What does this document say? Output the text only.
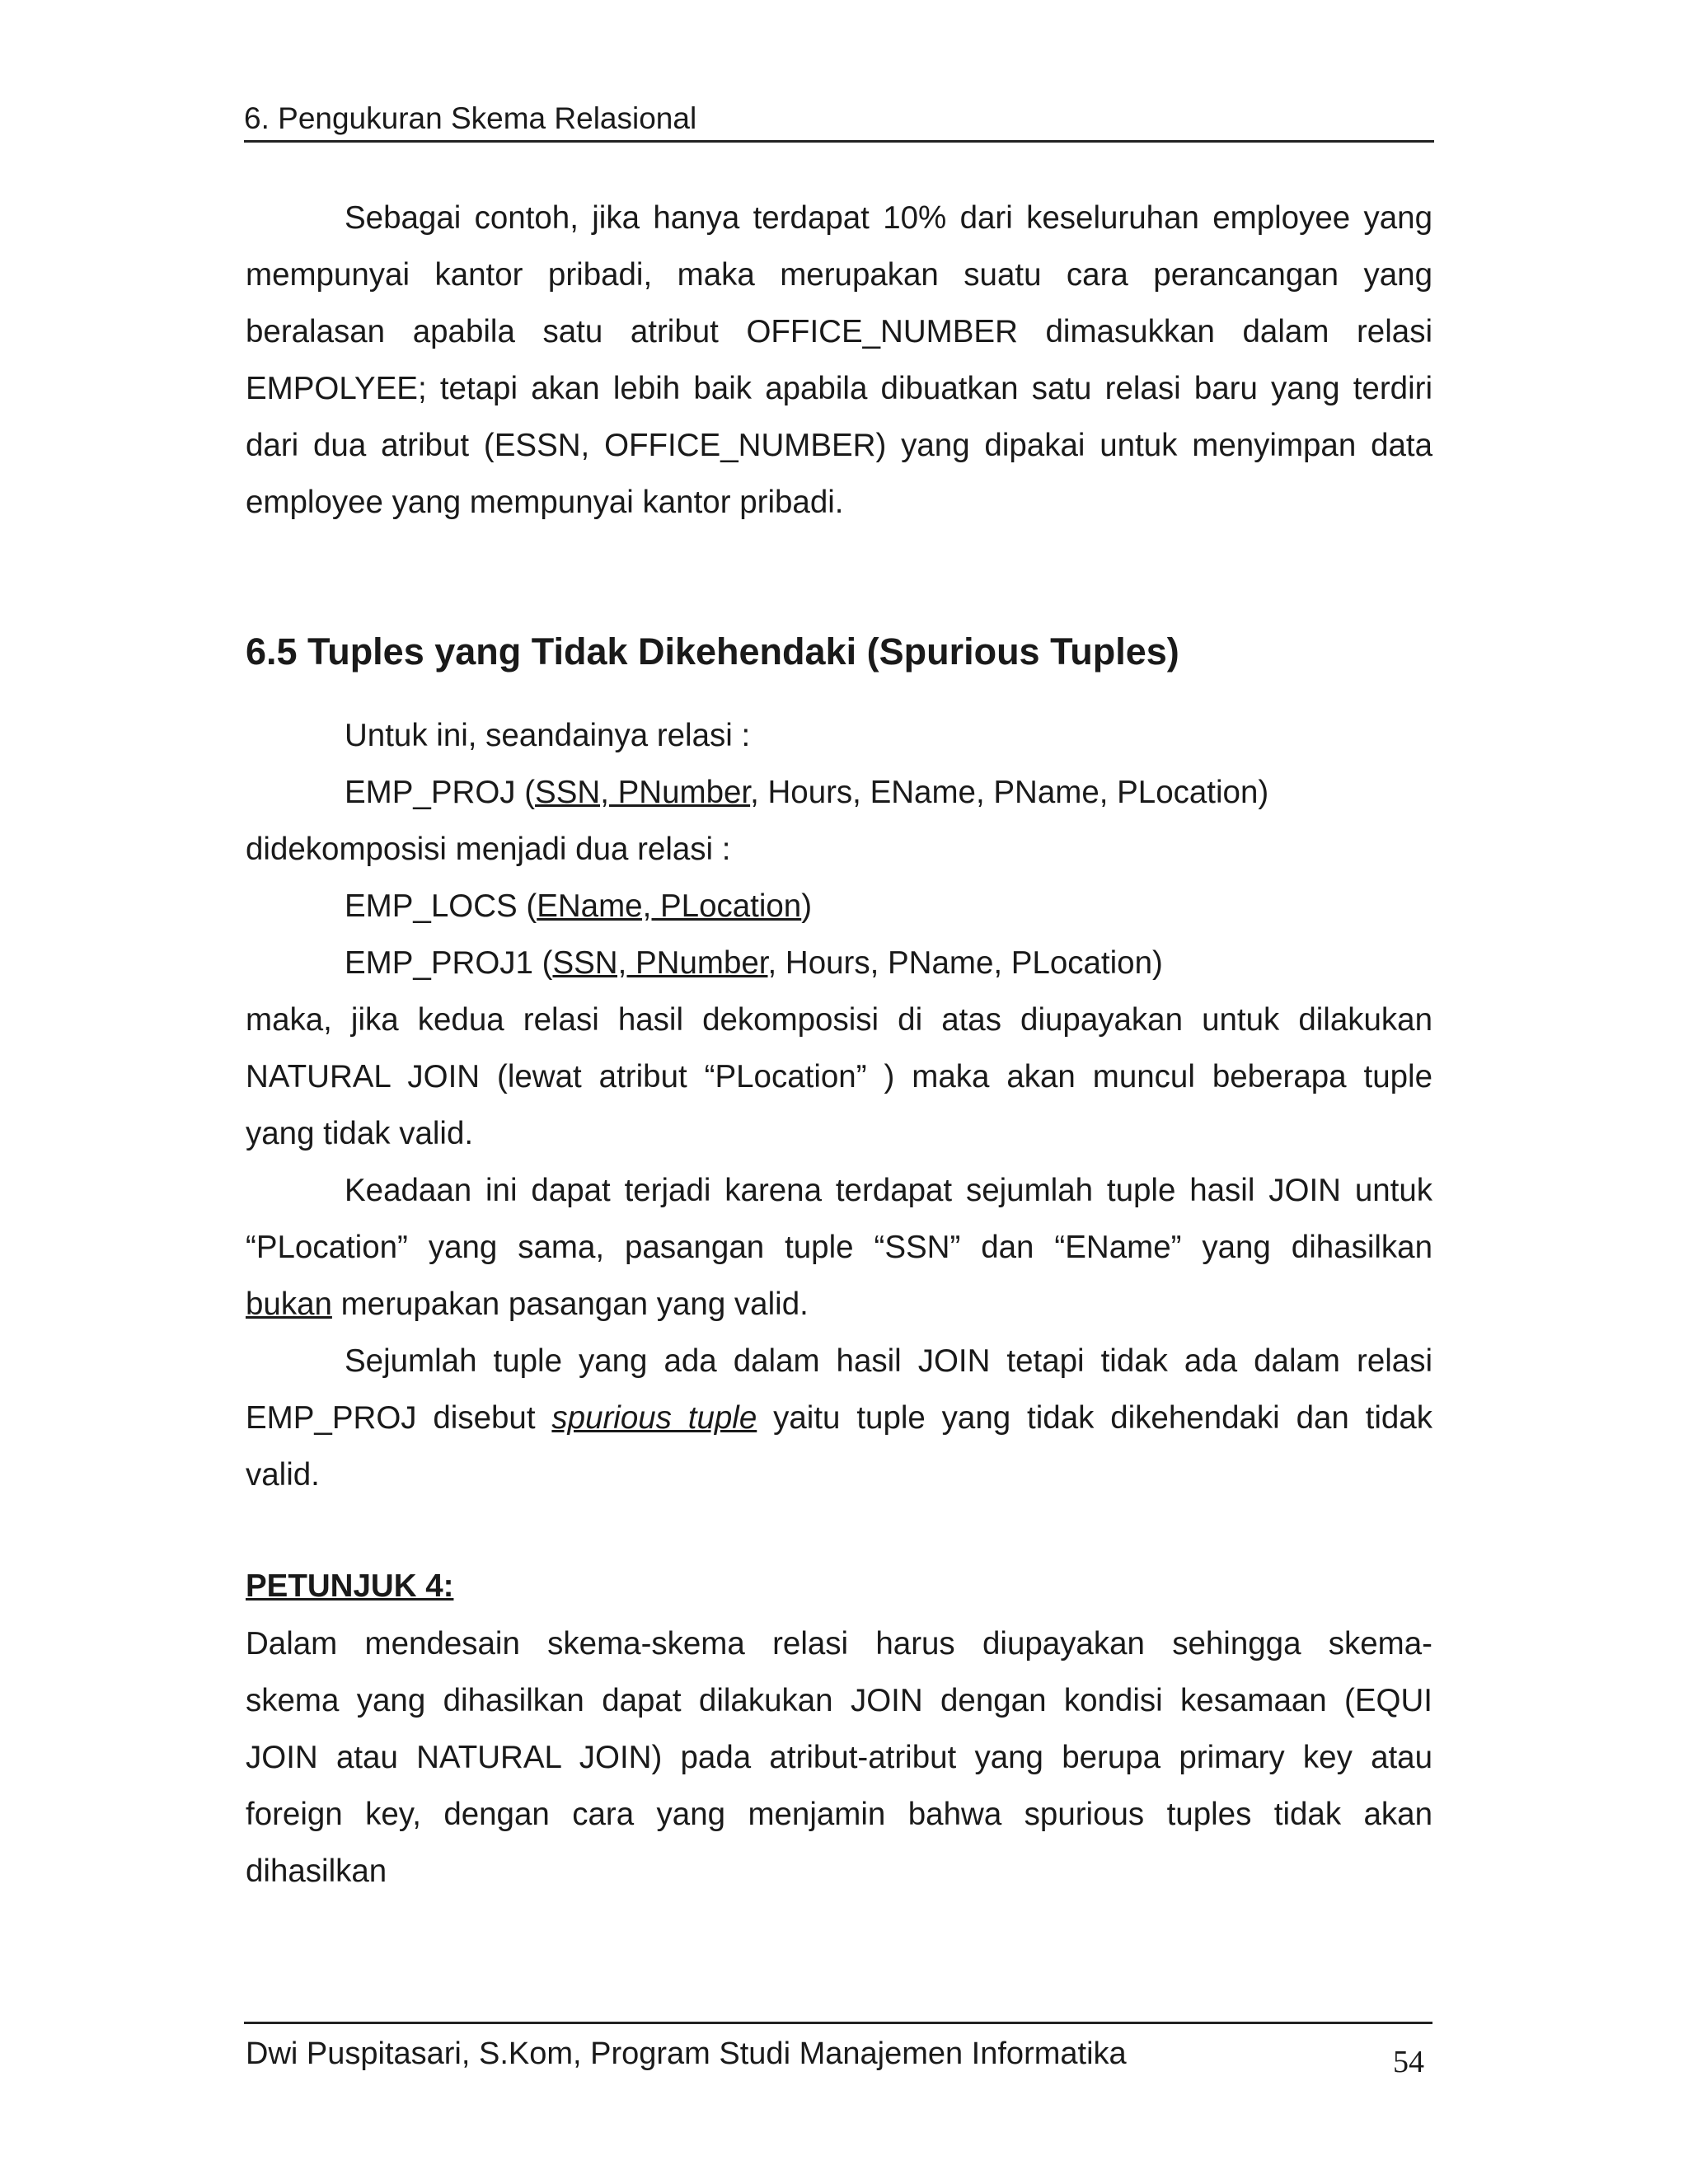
6. Pengukuran Skema Relasional
Sebagai contoh, jika hanya terdapat 10% dari keseluruhan employee yang
mempunyai kantor pribadi, maka merupakan suatu cara perancangan yang
beralasan apabila satu atribut OFFICE_NUMBER dimasukkan dalam relasi
EMPOLYEE; tetapi akan lebih baik apabila dibuatkan satu relasi baru yang terdiri
dari dua atribut (ESSN, OFFICE_NUMBER) yang dipakai untuk menyimpan data
employee yang mempunyai kantor pribadi.
6.5 Tuples yang Tidak Dikehendaki (Spurious Tuples)
Untuk ini, seandainya relasi :
EMP_PROJ (SSN, PNumber, Hours, EName, PName, PLocation)
didekomposisi menjadi dua relasi :
EMP_LOCS (EName, PLocation)
EMP_PROJ1 (SSN, PNumber, Hours, PName, PLocation)
maka, jika kedua relasi hasil dekomposisi di atas diupayakan untuk dilakukan
NATURAL JOIN (lewat atribut “PLocation” ) maka akan muncul beberapa tuple
yang tidak valid.
Keadaan ini dapat terjadi karena terdapat sejumlah tuple hasil JOIN untuk
“PLocation” yang sama, pasangan tuple “SSN” dan “EName” yang dihasilkan
bukan merupakan pasangan yang valid.
Sejumlah tuple yang ada dalam hasil JOIN tetapi tidak ada dalam relasi
EMP_PROJ disebut spurious tuple yaitu tuple yang tidak dikehendaki dan tidak
valid.
PETUNJUK 4:
Dalam mendesain skema-skema relasi harus diupayakan sehingga skema-
skema yang dihasilkan dapat dilakukan JOIN dengan kondisi kesamaan (EQUI
JOIN atau NATURAL JOIN) pada atribut-atribut yang berupa primary key atau
foreign key, dengan cara yang menjamin bahwa spurious tuples tidak akan
dihasilkan
Dwi Puspitasari, S.Kom, Program Studi Manajemen Informatika	54
